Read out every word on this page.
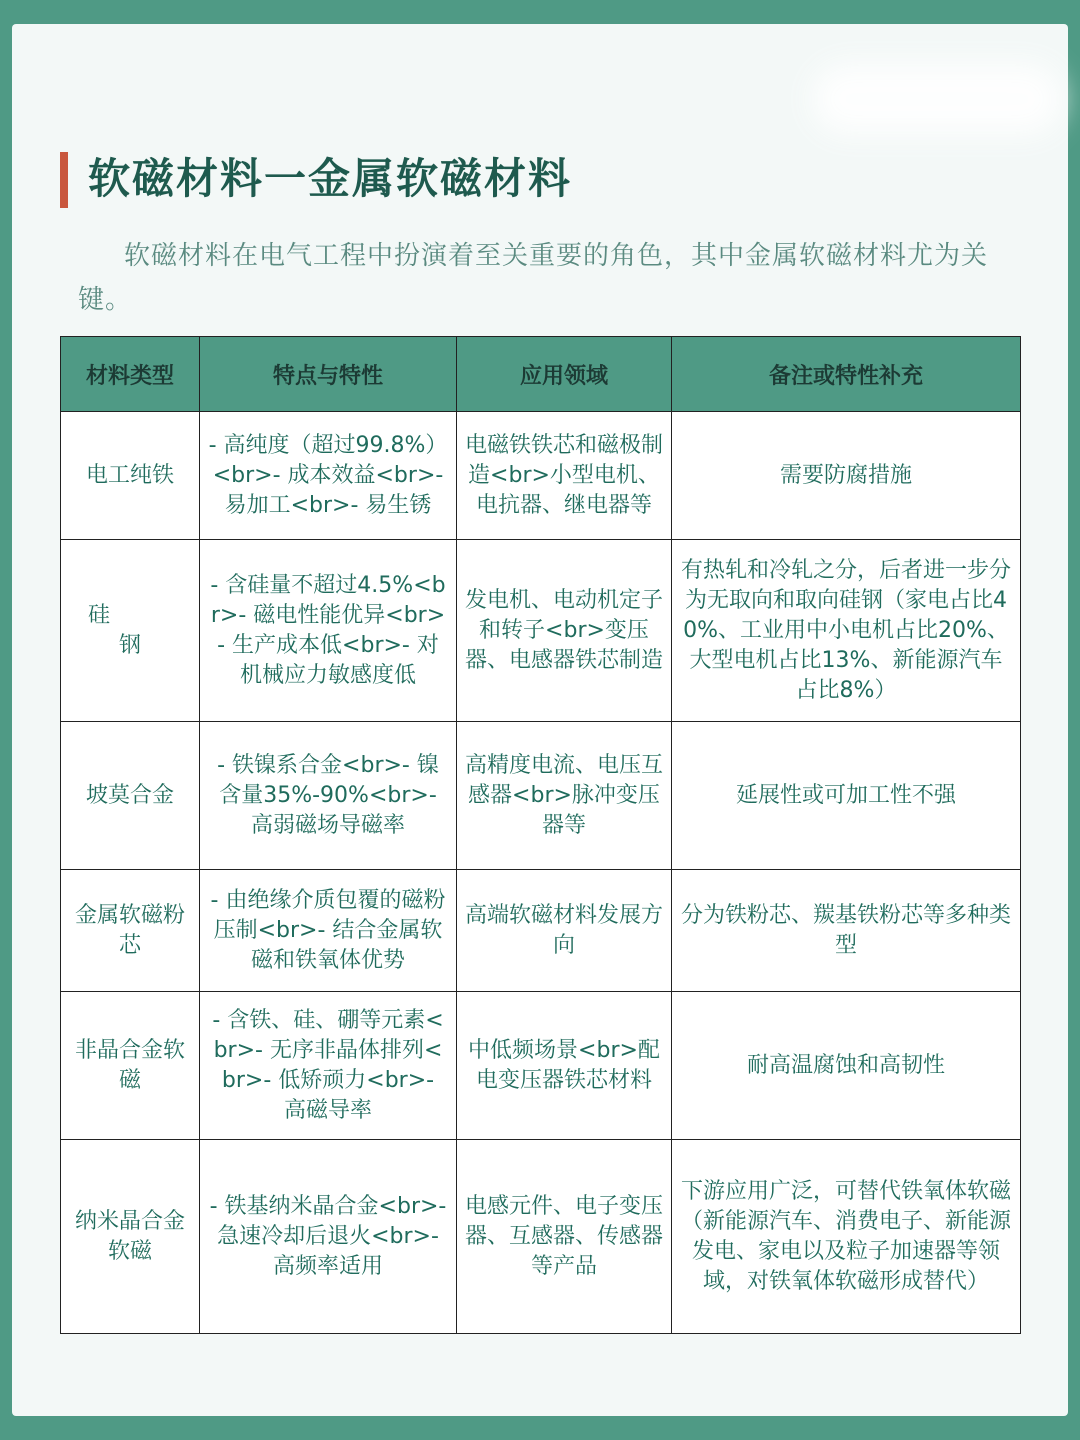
软磁材料一金属软磁材料

软磁材料在电气工程中扮演着至关重要的角色，其中金属软磁材料尤为关键。

材料类型	特点与特性	应用领域	备注或特性补充
电工纯铁	- 高纯度（超过99.8%）<br>- 成本效益<br>- 易加工<br>- 易生锈	电磁铁铁芯和磁极制造<br>小型电机、电抗器、继电器等	需要防腐措施
硅钢	- 含硅量不超过4.5%<br>- 磁电性能优异<br>- 生产成本低<br>- 对机械应力敏感度低	发电机、电动机定子和转子<br>变压器、电感器铁芯制造	有热轧和冷轧之分，后者进一步分为无取向和取向硅钢（家电占比40%、工业用中小电机占比20%、大型电机占比13%、新能源汽车占比8%）
坡莫合金	- 铁镍系合金<br>- 镍含量35%-90%<br>- 高弱磁场导磁率	高精度电流、电压互感器<br>脉冲变压器等	延展性或可加工性不强
金属软磁粉芯	- 由绝缘介质包覆的磁粉压制<br>- 结合金属软磁和铁氧体优势	高端软磁材料发展方向	分为铁粉芯、羰基铁粉芯等多种类型
非晶合金软磁	- 含铁、硅、硼等元素<br>- 无序非晶体排列<br>- 低矫顽力<br>- 高磁导率	中低频场景<br>配电变压器铁芯材料	耐高温腐蚀和高韧性
纳米晶合金软磁	- 铁基纳米晶合金<br>- 急速冷却后退火<br>- 高频率适用	电感元件、电子变压器、互感器、传感器等产品	下游应用广泛，可替代铁氧体软磁（新能源汽车、消费电子、新能源发电、家电以及粒子加速器等领域，对铁氧体软磁形成替代）
